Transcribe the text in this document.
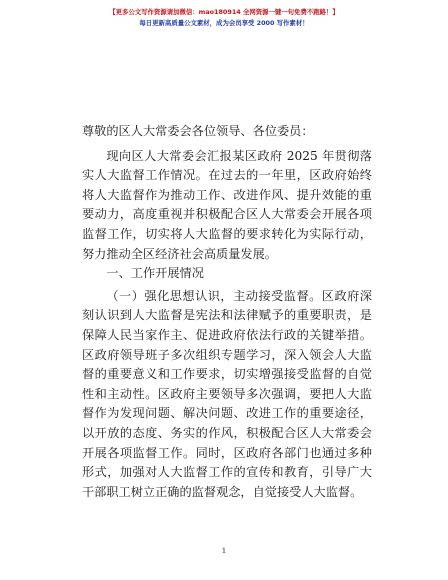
【更多公文写作资源请加微信：mao180914 全网资源一键一句免费不跑路！】
每日更新高质量公文素材，成为会员享受 2000 写作素材！

尊敬的区人大常委会各位领导、各位委员：

现向区人大常委会汇报某区政府 2025 年贯彻落实人大监督工作情况。在过去的一年里，区政府始终将人大监督作为推动工作、改进作风、提升效能的重要动力，高度重视并积极配合区人大常委会开展各项监督工作，切实将人大监督的要求转化为实际行动，努力推动全区经济社会高质量发展。

一、工作开展情况

（一）强化思想认识，主动接受监督。区政府深刻认识到人大监督是宪法和法律赋予的重要职责，是保障人民当家作主、促进政府依法行政的关键举措。区政府领导班子多次组织专题学习，深入领会人大监督的重要意义和工作要求，切实增强接受监督的自觉性和主动性。区政府主要领导多次强调，要把人大监督作为发现问题、解决问题、改进工作的重要途径，以开放的态度、务实的作风，积极配合区人大常委会开展各项监督工作。同时，区政府各部门也通过多种形式，加强对人大监督工作的宣传和教育，引导广大干部职工树立正确的监督观念，自觉接受人大监督。

1
